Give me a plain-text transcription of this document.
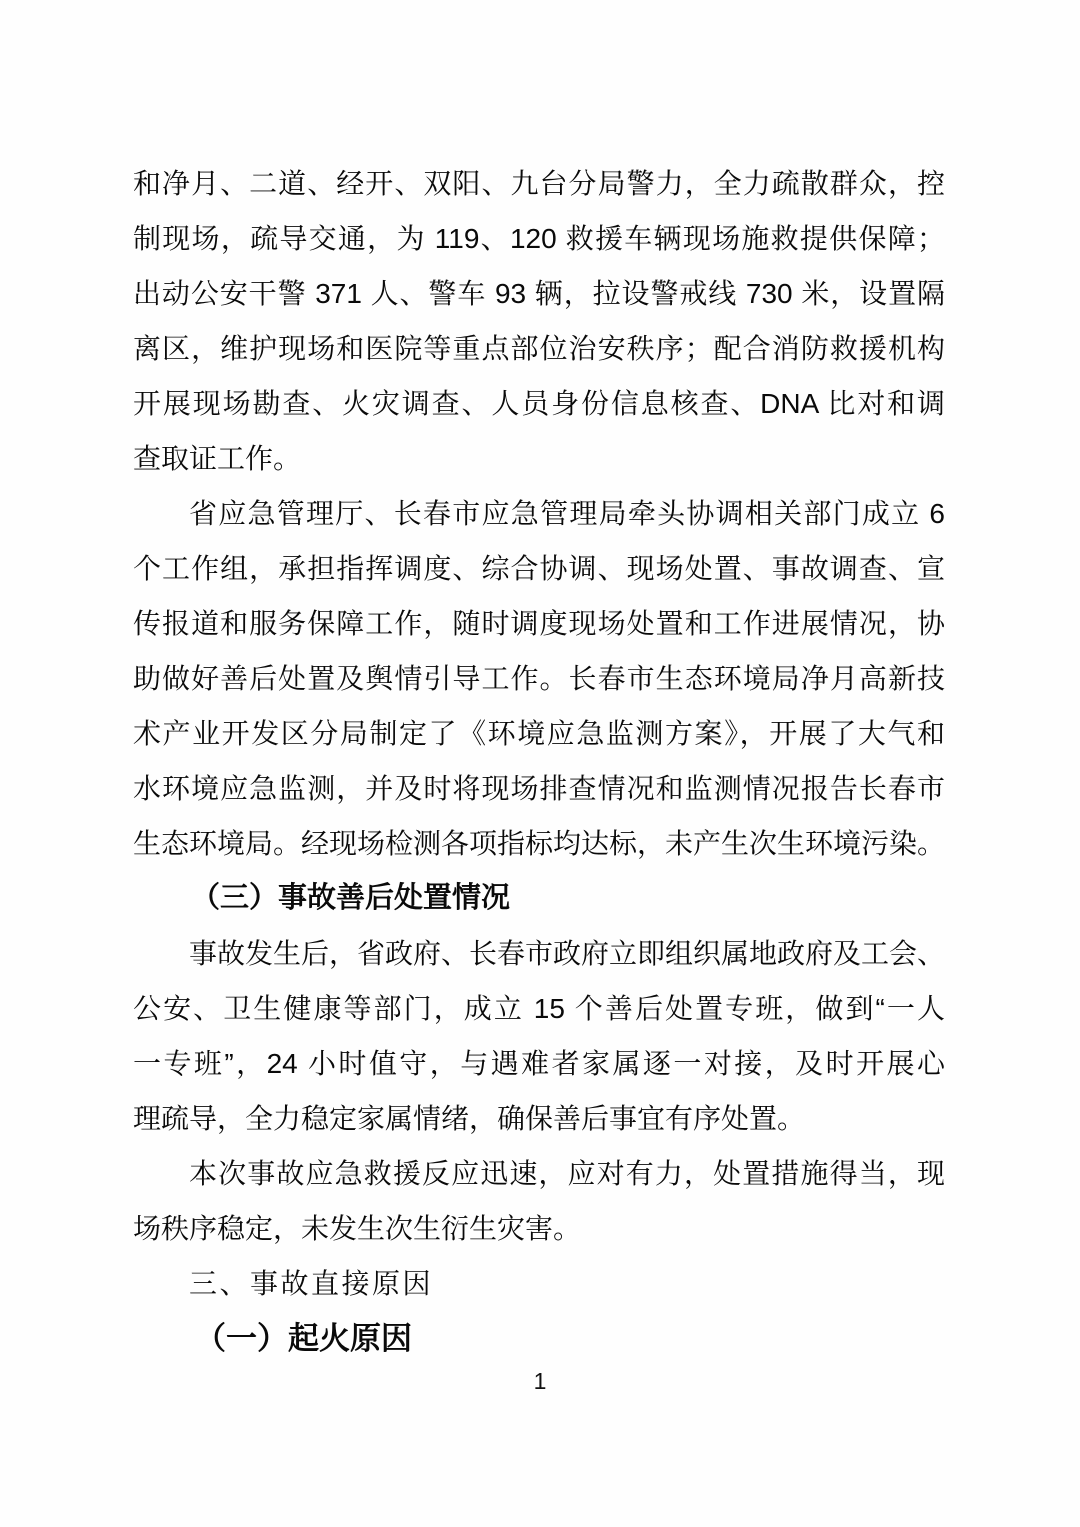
和净月、二道、经开、双阳、九台分局警力，全力疏散群众，控
制现场，疏导交通，为 119、120 救援车辆现场施救提供保障；
出动公安干警 371 人、警车 93 辆，拉设警戒线 730 米，设置隔
离区，维护现场和医院等重点部位治安秩序；配合消防救援机构
开展现场勘查、火灾调查、人员身份信息核查、DNA 比对和调
查取证工作。
省应急管理厅、长春市应急管理局牵头协调相关部门成立 6
个工作组，承担指挥调度、综合协调、现场处置、事故调查、宣
传报道和服务保障工作，随时调度现场处置和工作进展情况，协
助做好善后处置及舆情引导工作。长春市生态环境局净月高新技
术产业开发区分局制定了《环境应急监测方案》，开展了大气和
水环境应急监测，并及时将现场排查情况和监测情况报告长春市
生态环境局。经现场检测各项指标均达标，未产生次生环境污染。
（三）事故善后处置情况
事故发生后，省政府、长春市政府立即组织属地政府及工会、
公安、卫生健康等部门，成立 15 个善后处置专班，做到“一人
一专班”，24 小时值守，与遇难者家属逐一对接，及时开展心
理疏导，全力稳定家属情绪，确保善后事宜有序处置。
本次事故应急救援反应迅速，应对有力，处置措施得当，现
场秩序稳定，未发生次生衍生灾害。
三、事故直接原因
（一）起火原因
1
